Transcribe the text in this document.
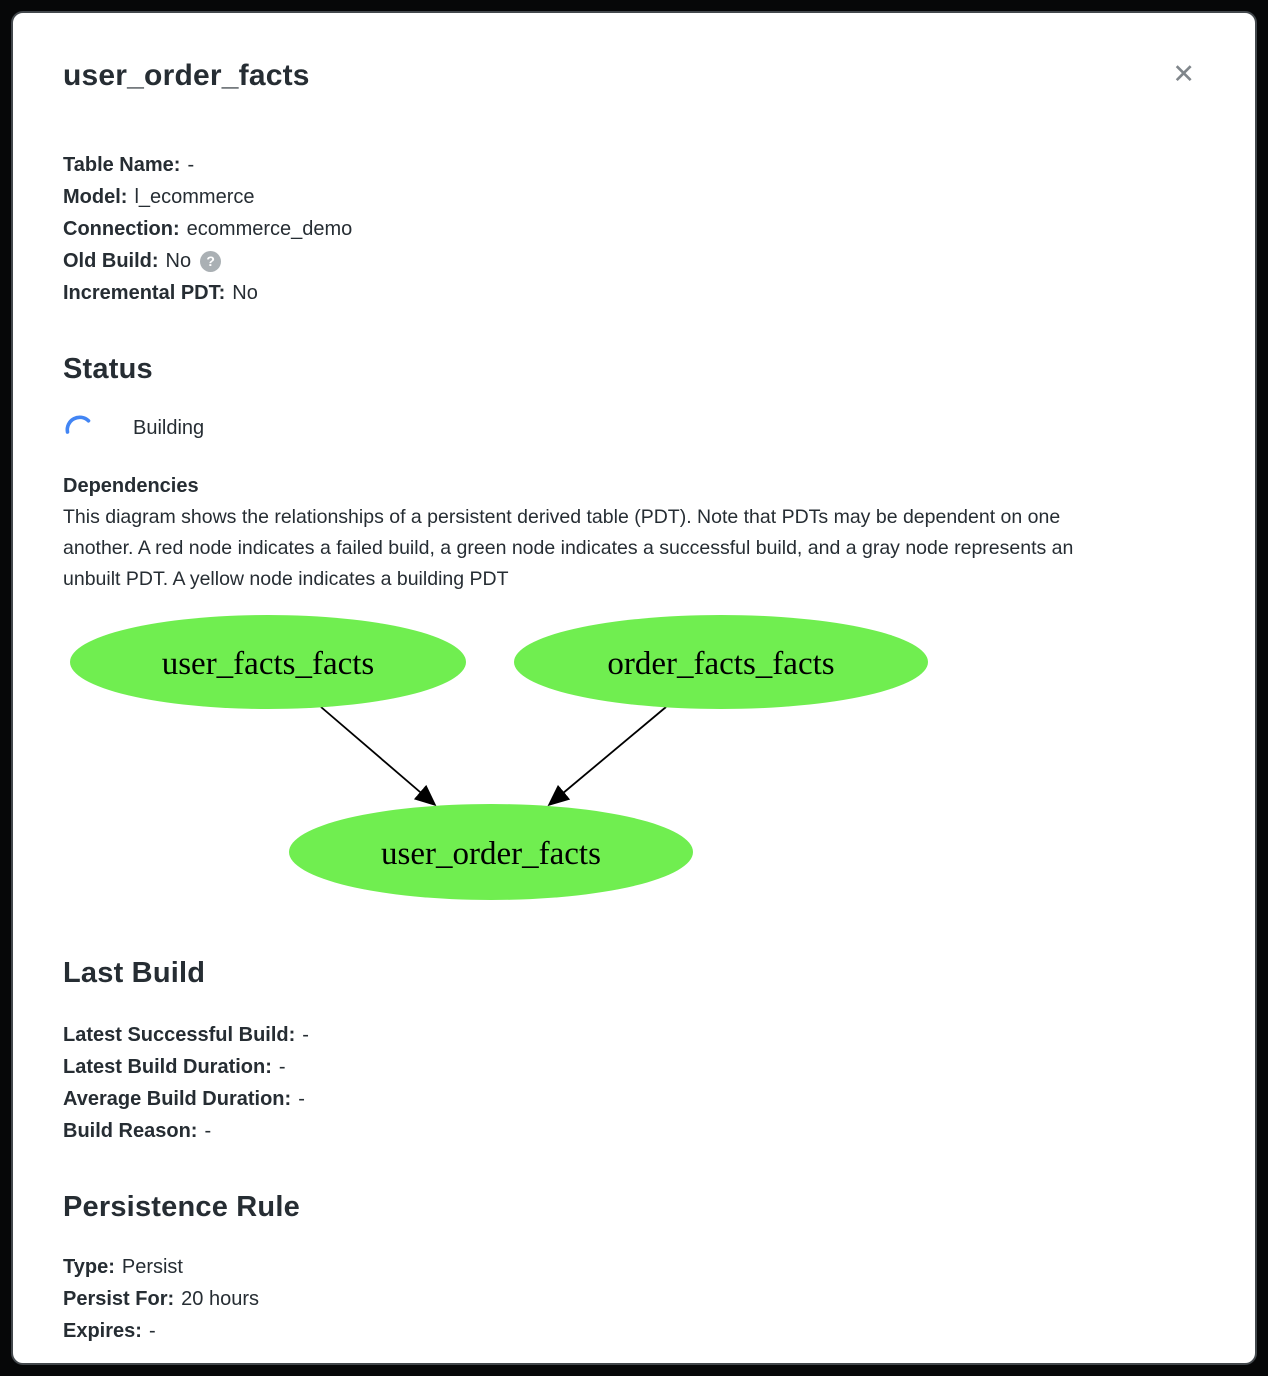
user_order_facts	✕
Table Name: -
Model: l_ecommerce
Connection: ecommerce_demo
Old Build: No	?
Incremental PDT: No
Status
Building
Dependencies

This diagram shows the relationships of a persistent derived table (PDT). Note that PDTs may be dependent on one another. A red node indicates a failed build, a green node indicates a successful build, and a gray node represents an unbuilt PDT. A yellow node indicates a building PDT

user_facts_facts	order_facts_facts
user_order_facts
Last Build
Latest Successful Build: -
Latest Build Duration: -
Average Build Duration: -
Build Reason: -
Persistence Rule
Type: Persist
Persist For: 20 hours
Expires: -
